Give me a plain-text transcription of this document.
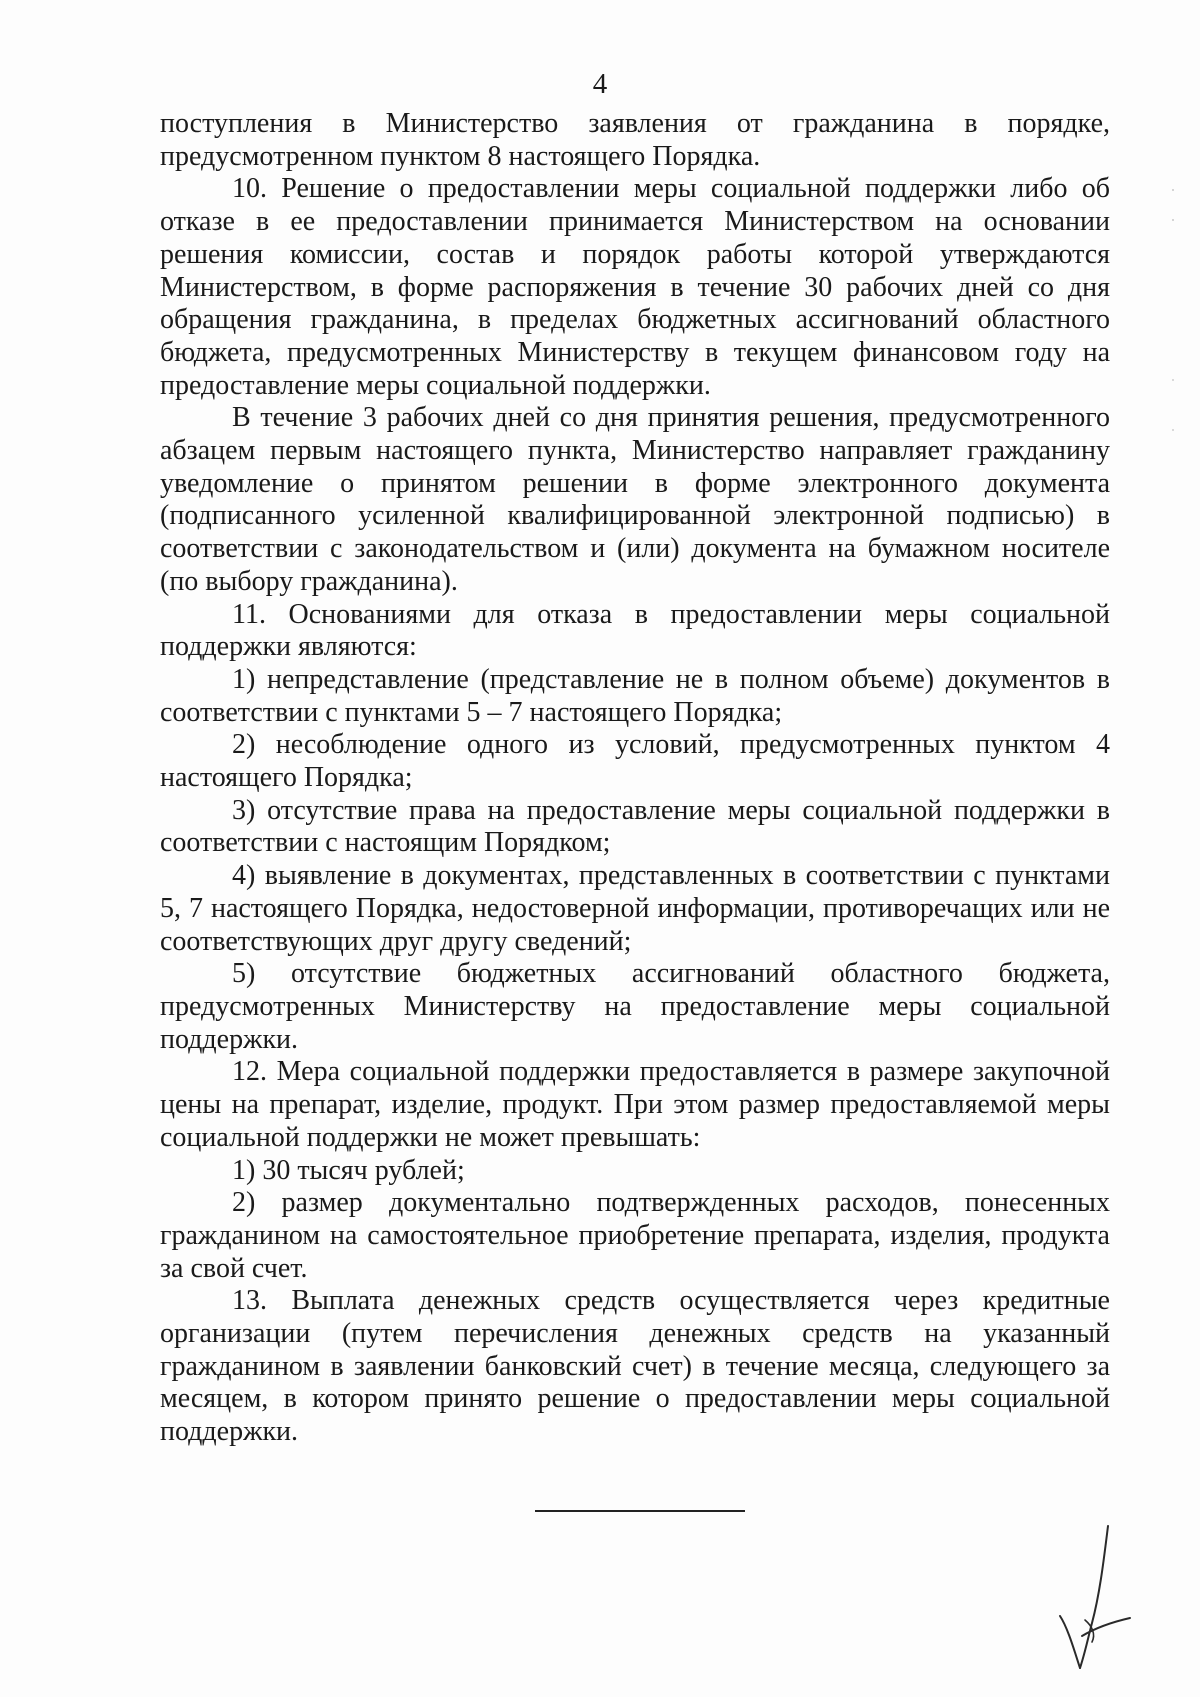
4

поступления в Министерство заявления от гражданина в порядке, предусмотренном пунктом 8 настоящего Порядка.

10. Решение о предоставлении меры социальной поддержки либо об отказе в ее предоставлении принимается Министерством на основании решения комиссии, состав и порядок работы которой утверждаются Министерством, в форме распоряжения в течение 30 рабочих дней со дня обращения гражданина, в пределах бюджетных ассигнований областного бюджета, предусмотренных Министерству в текущем финансовом году на предоставление меры социальной поддержки.

В течение 3 рабочих дней со дня принятия решения, предусмотренного абзацем первым настоящего пункта, Министерство направляет гражданину уведомление о принятом решении в форме электронного документа (подписанного усиленной квалифицированной электронной подписью) в соответствии с законодательством и (или) документа на бумажном носителе (по выбору гражданина).

11. Основаниями для отказа в предоставлении меры социальной поддержки являются:

1) непредставление (представление не в полном объеме) документов в соответствии с пунктами 5 – 7 настоящего Порядка;

2) несоблюдение одного из условий, предусмотренных пунктом 4 настоящего Порядка;

3) отсутствие права на предоставление меры социальной поддержки в соответствии с настоящим Порядком;

4) выявление в документах, представленных в соответствии с пунктами 5, 7 настоящего Порядка, недостоверной информации, противоречащих или не соответствующих друг другу сведений;

5) отсутствие бюджетных ассигнований областного бюджета, предусмотренных Министерству на предоставление меры социальной поддержки.

12. Мера социальной поддержки предоставляется в размере закупочной цены на препарат, изделие, продукт. При этом размер предоставляемой меры социальной поддержки не может превышать:

1) 30 тысяч рублей;

2) размер документально подтвержденных расходов, понесенных гражданином на самостоятельное приобретение препарата, изделия, продукта за свой счет.

13. Выплата денежных средств осуществляется через кредитные организации (путем перечисления денежных средств на указанный гражданином в заявлении банковский счет) в течение месяца, следующего за месяцем, в котором принято решение о предоставлении меры социальной поддержки.
